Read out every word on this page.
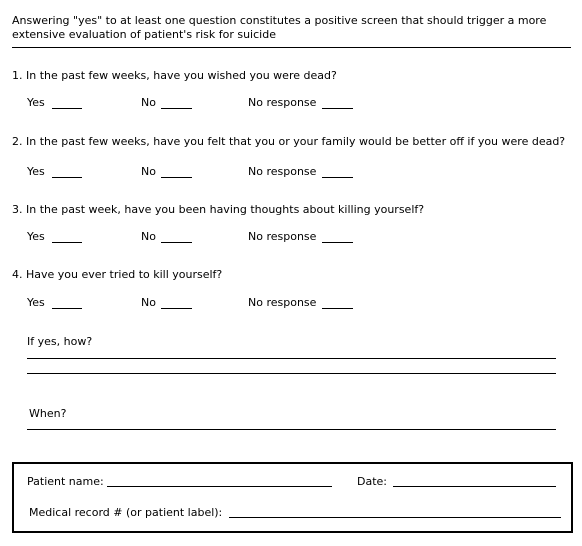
Answering "yes" to at least one question constitutes a positive screen that should trigger a more
extensive evaluation of patient's risk for suicide
1. In the past few weeks, have you wished you were dead?
Yes	No	No response
2. In the past few weeks, have you felt that you or your family would be better off if you were dead?
Yes	No	No response
3. In the past week, have you been having thoughts about killing yourself?
Yes	No	No response
4. Have you ever tried to kill yourself?
Yes	No	No response
If yes, how?
When?
Patient name:	Date:
Medical record # (or patient label):
